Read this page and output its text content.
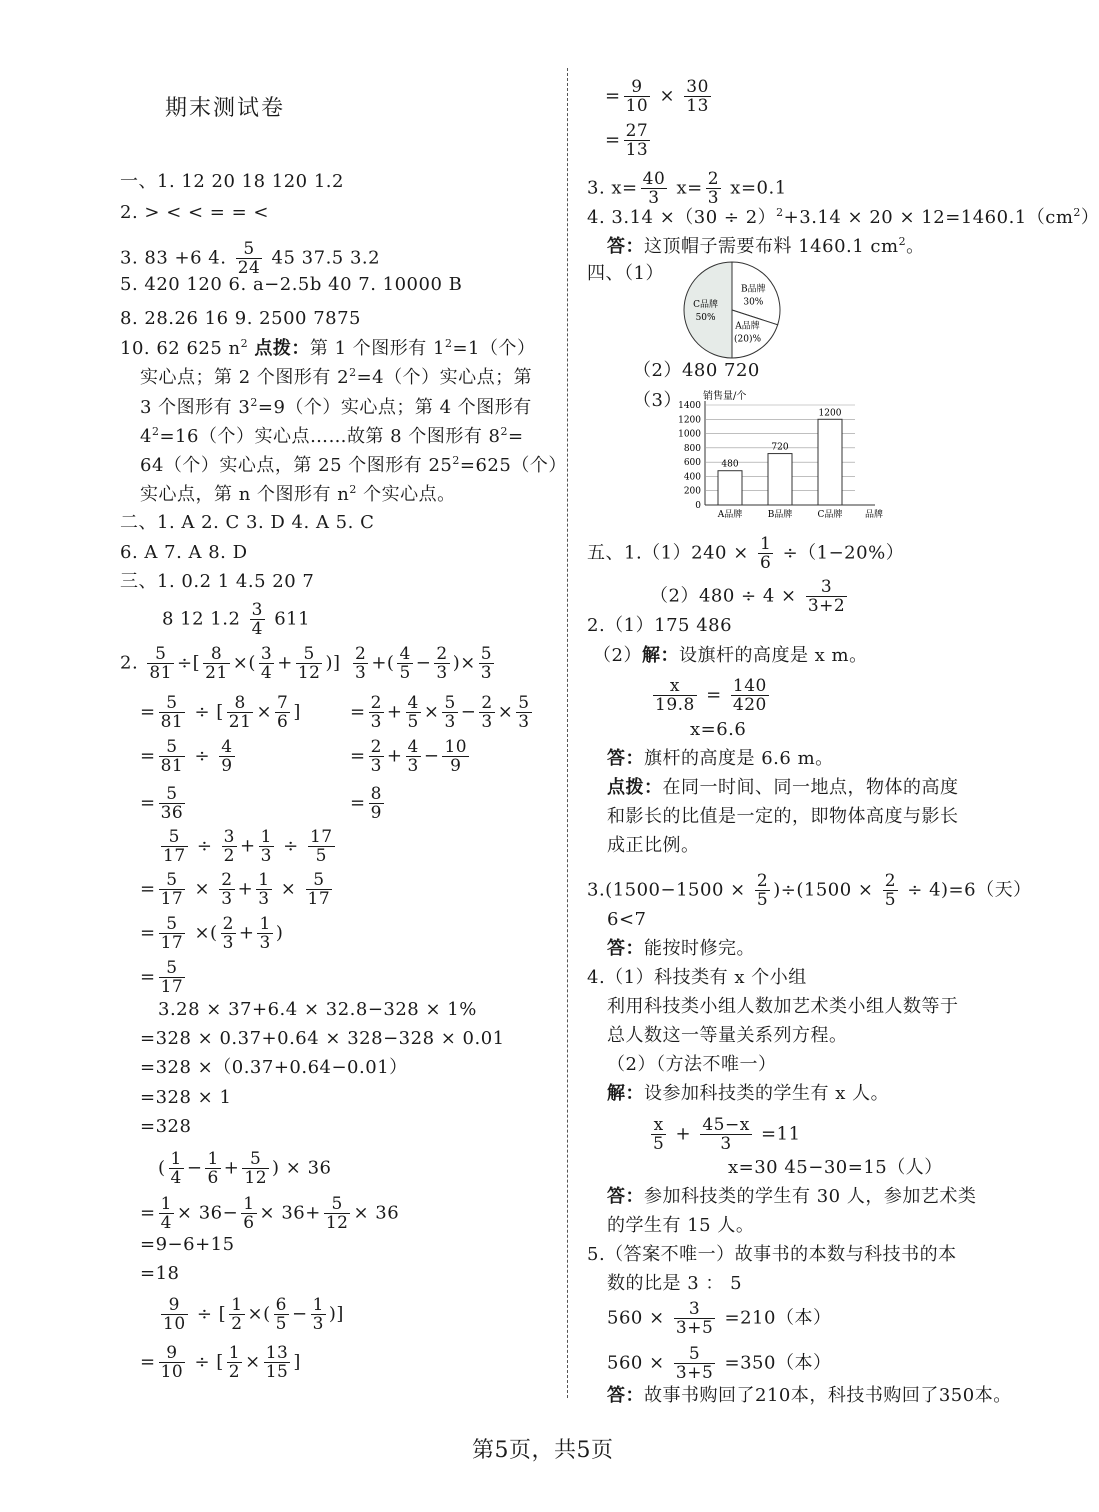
期末测试卷
一、1. 12 20 18 120 1.2
2. > < < = = <
3. 83 +6 4. $\frac{5}{24} 45$ 37.5 3.2
5. 420 120 6. a−2.5b 40 7. 10000 B
8. 28.26 16 9. 2500 7875
10. 62 625 $n^2$ 点拨：第 1 个图形有 $1^2=1$（个）
实心点；第 2 个图形有 $2^2=4$（个）实心点；第
3 个图形有 $3^2=9$（个）实心点；第 4 个图形有
$4^2=16$（个）实心点……故第 8 个图形有 $8^2=$
64（个）实心点，第 25 个图形有 $25^2=625$（个）
实心点，第 n 个图形有 $n^2$ 个实心点。
二、1. A 2. C 3. D 4. A 5. C
6. A 7. A 8. D
三、1. 0.2 1 4.5 20 7
8 12 $1.2 \frac{3}{4} 611$
2. $\frac{5}{81}$ ÷[ $\frac{8}{21}$ ×( $\frac{3}{4} + \frac{5}{12}$ )] $\frac{2}{3}$ +( $\frac{4}{5} - \frac{2}{3}$ )× $\frac{5}{3}$
= $\frac{5}{81}$ ÷ [ $\frac{8}{21} \times \frac{7}{6}$ ]	= $\frac{2}{3} + \frac{4}{5} \times \frac{5}{3} - \frac{2}{3} \times \frac{5}{3}$
= $\frac{5}{81} \div \frac{4}{9}$	= $\frac{2}{3} + \frac{4}{3} - \frac{10}{9}$
= $\frac{5}{36}$	= $\frac{8}{9}$
$\frac{5}{17} \div \frac{3}{2} + \frac{1}{3} \div \frac{17}{5}$
= $\frac{5}{17} \times \frac{2}{3} + \frac{1}{3} \times \frac{5}{17}$
= $\frac{5}{17}$ ×( $\frac{2}{3} + \frac{1}{3}$ )
= $\frac{5}{17}$
3.28 × 37+6.4 × 32.8−328 × 1%
=328 × 0.37+0.64 × 328−328 × 0.01
=328 ×（0.37+0.64−0.01）
=328 × 1
=328
( $\frac{1}{4} - \frac{1}{6} + \frac{5}{12}$ ) × 36
= $\frac{1}{4} \times 36- \frac{1}{6} \times 36+ \frac{5}{12} \times 36$
=9−6+15
=18
$\frac{9}{10}$ ÷ [ $\frac{1}{2}$ ×( $\frac{6}{5} - \frac{1}{3}$ )]
= $\frac{9}{10}$ ÷ [ $\frac{1}{2} \times \frac{13}{15}$ ]
= $\frac{9}{10} \times \frac{30}{13}$
= $\frac{27}{13}$
3. $x= \frac{40}{3} x= \frac{2}{3} x=0.1$
4. $3.14 \times(30 \div 2)^2+3.14 \times 20 \times 12=1460.1(cm^2)$
答：这顶帽子需要布料 1460.1 $cm^2$。
四、（1）
（2）480 720
（3）
五、$1.(1)240 \times \frac{1}{6} \div(1-20\%)$
$(2)480 \div 4 \times \frac{3}{3+2}$
2.（1）175 486
（2）解：设旗杆的高度是 x m。
$\frac{x}{19.8} = \frac{140}{420}$
x=6.6
答：旗杆的高度是 6.6 m。
点拨：在同一时间、同一地点，物体的高度
和影长的比值是一定的，即物体高度与影长
成正比例。
$3.(1500-1500 \times \frac{2}{5} )\div(1500 \times \frac{2}{5} \div 4)=6$（天）
6<7
答：能按时修完。
4.（1）科技类有 x 个小组
利用科技类小组人数加艺术类小组人数等于
总人数这一等量关系列方程。
（2）（方法不唯一）
解：设参加科技类的学生有 x 人。
$\frac{x}{5} + \frac{45-x}{3} =11$
x=30 45−30=15（人）
答：参加科技类的学生有 30 人，参加艺术类
的学生有 15 人。
5.（答案不唯一）故事书的本数与科技书的本
数的比是 3 ： 5
$560 \times \frac{3}{3+5} =210$（本）
$560 \times \frac{5}{3+5} =350$（本）
答：故事书购回了210本，科技书购回了350本。
C品牌
50%
B品牌
30%
A品牌
(20)%
销售量/个
0
200
400
600
800
1000
1200
1400
480
A品牌
720
B品牌
1200
C品牌	品牌
第5页，共5页
